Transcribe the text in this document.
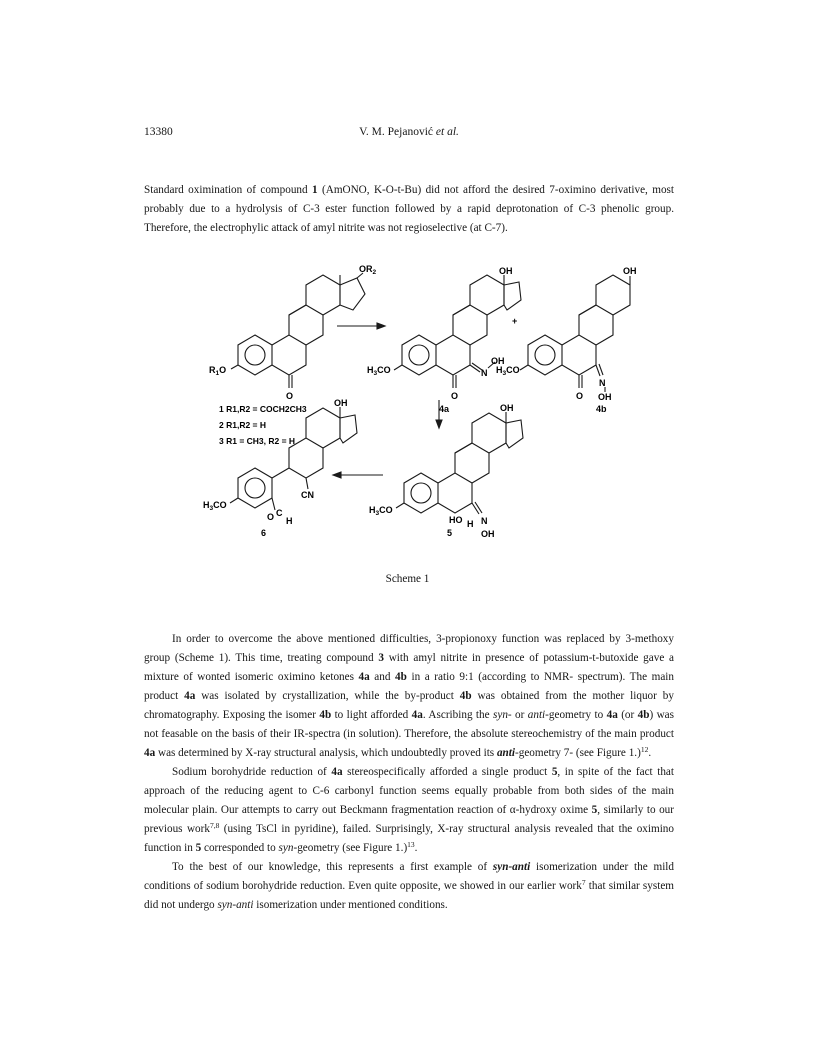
13380	V. M. Pejanović et al.

Standard oximination of compound 1 (AmONO, K-O-t-Bu) did not afford the desired 7-oximino derivative, most probably due to a hydrolysis of C-3 ester function followed by a rapid deprotonation of C-3 phenolic group. Therefore, the electrophylic attack of amyl nitrite was not regioselective (at C-7).

$OR_2$
$R_1O$
O
1 R1,R2 = COCH2CH3
2 R1,R2 = H
3 R1 = CH3, R2 = H
OH
$H_3CO$
O
N
OH
4a
+
OH
$H_3CO$
O
N
OH
4b
OH
$H_3CO$
HO H N
OH
5
OH
$H_3CO$
CN
O C
H
6
Scheme 1

In order to overcome the above mentioned difficulties, 3-propionoxy function was replaced by 3-methoxy group (Scheme 1). This time, treating compound 3 with amyl nitrite in presence of potassium-t-butoxide gave a mixture of wonted isomeric oximino ketones 4a and 4b in a ratio 9:1 (according to NMR- spectrum). The main product 4a was isolated by crystallization, while the by-product 4b was obtained from the mother liquor by chromatography. Exposing the isomer 4b to light afforded 4a. Ascribing the syn- or anti-geometry to 4a (or 4b) was not feasable on the basis of their IR-spectra (in solution). Therefore, the absolute stereochemistry of the main product 4a was determined by X-ray structural analysis, which undoubtedly proved its anti-geometry 7- (see Figure 1.)$^{12}$.

Sodium borohydride reduction of 4a stereospecifically afforded a single product 5, in spite of the fact that approach of the reducing agent to C-6 carbonyl function seems equally probable from both sides of the main molecular plain. Our attempts to carry out Beckmann fragmentation reaction of α-hydroxy oxime 5, similarly to our previous work$^{7,8}$ (using TsCl in pyridine), failed. Surprisingly, X-ray structural analysis revealed that the oximino function in 5 corresponded to syn-geometry (see Figure 1.)$^{13}$.

To the best of our knowledge, this represents a first example of syn-anti isomerization under the mild conditions of sodium borohydride reduction. Even quite opposite, we showed in our earlier work$^7$ that similar system did not undergo syn-anti isomerization under mentioned conditions.
